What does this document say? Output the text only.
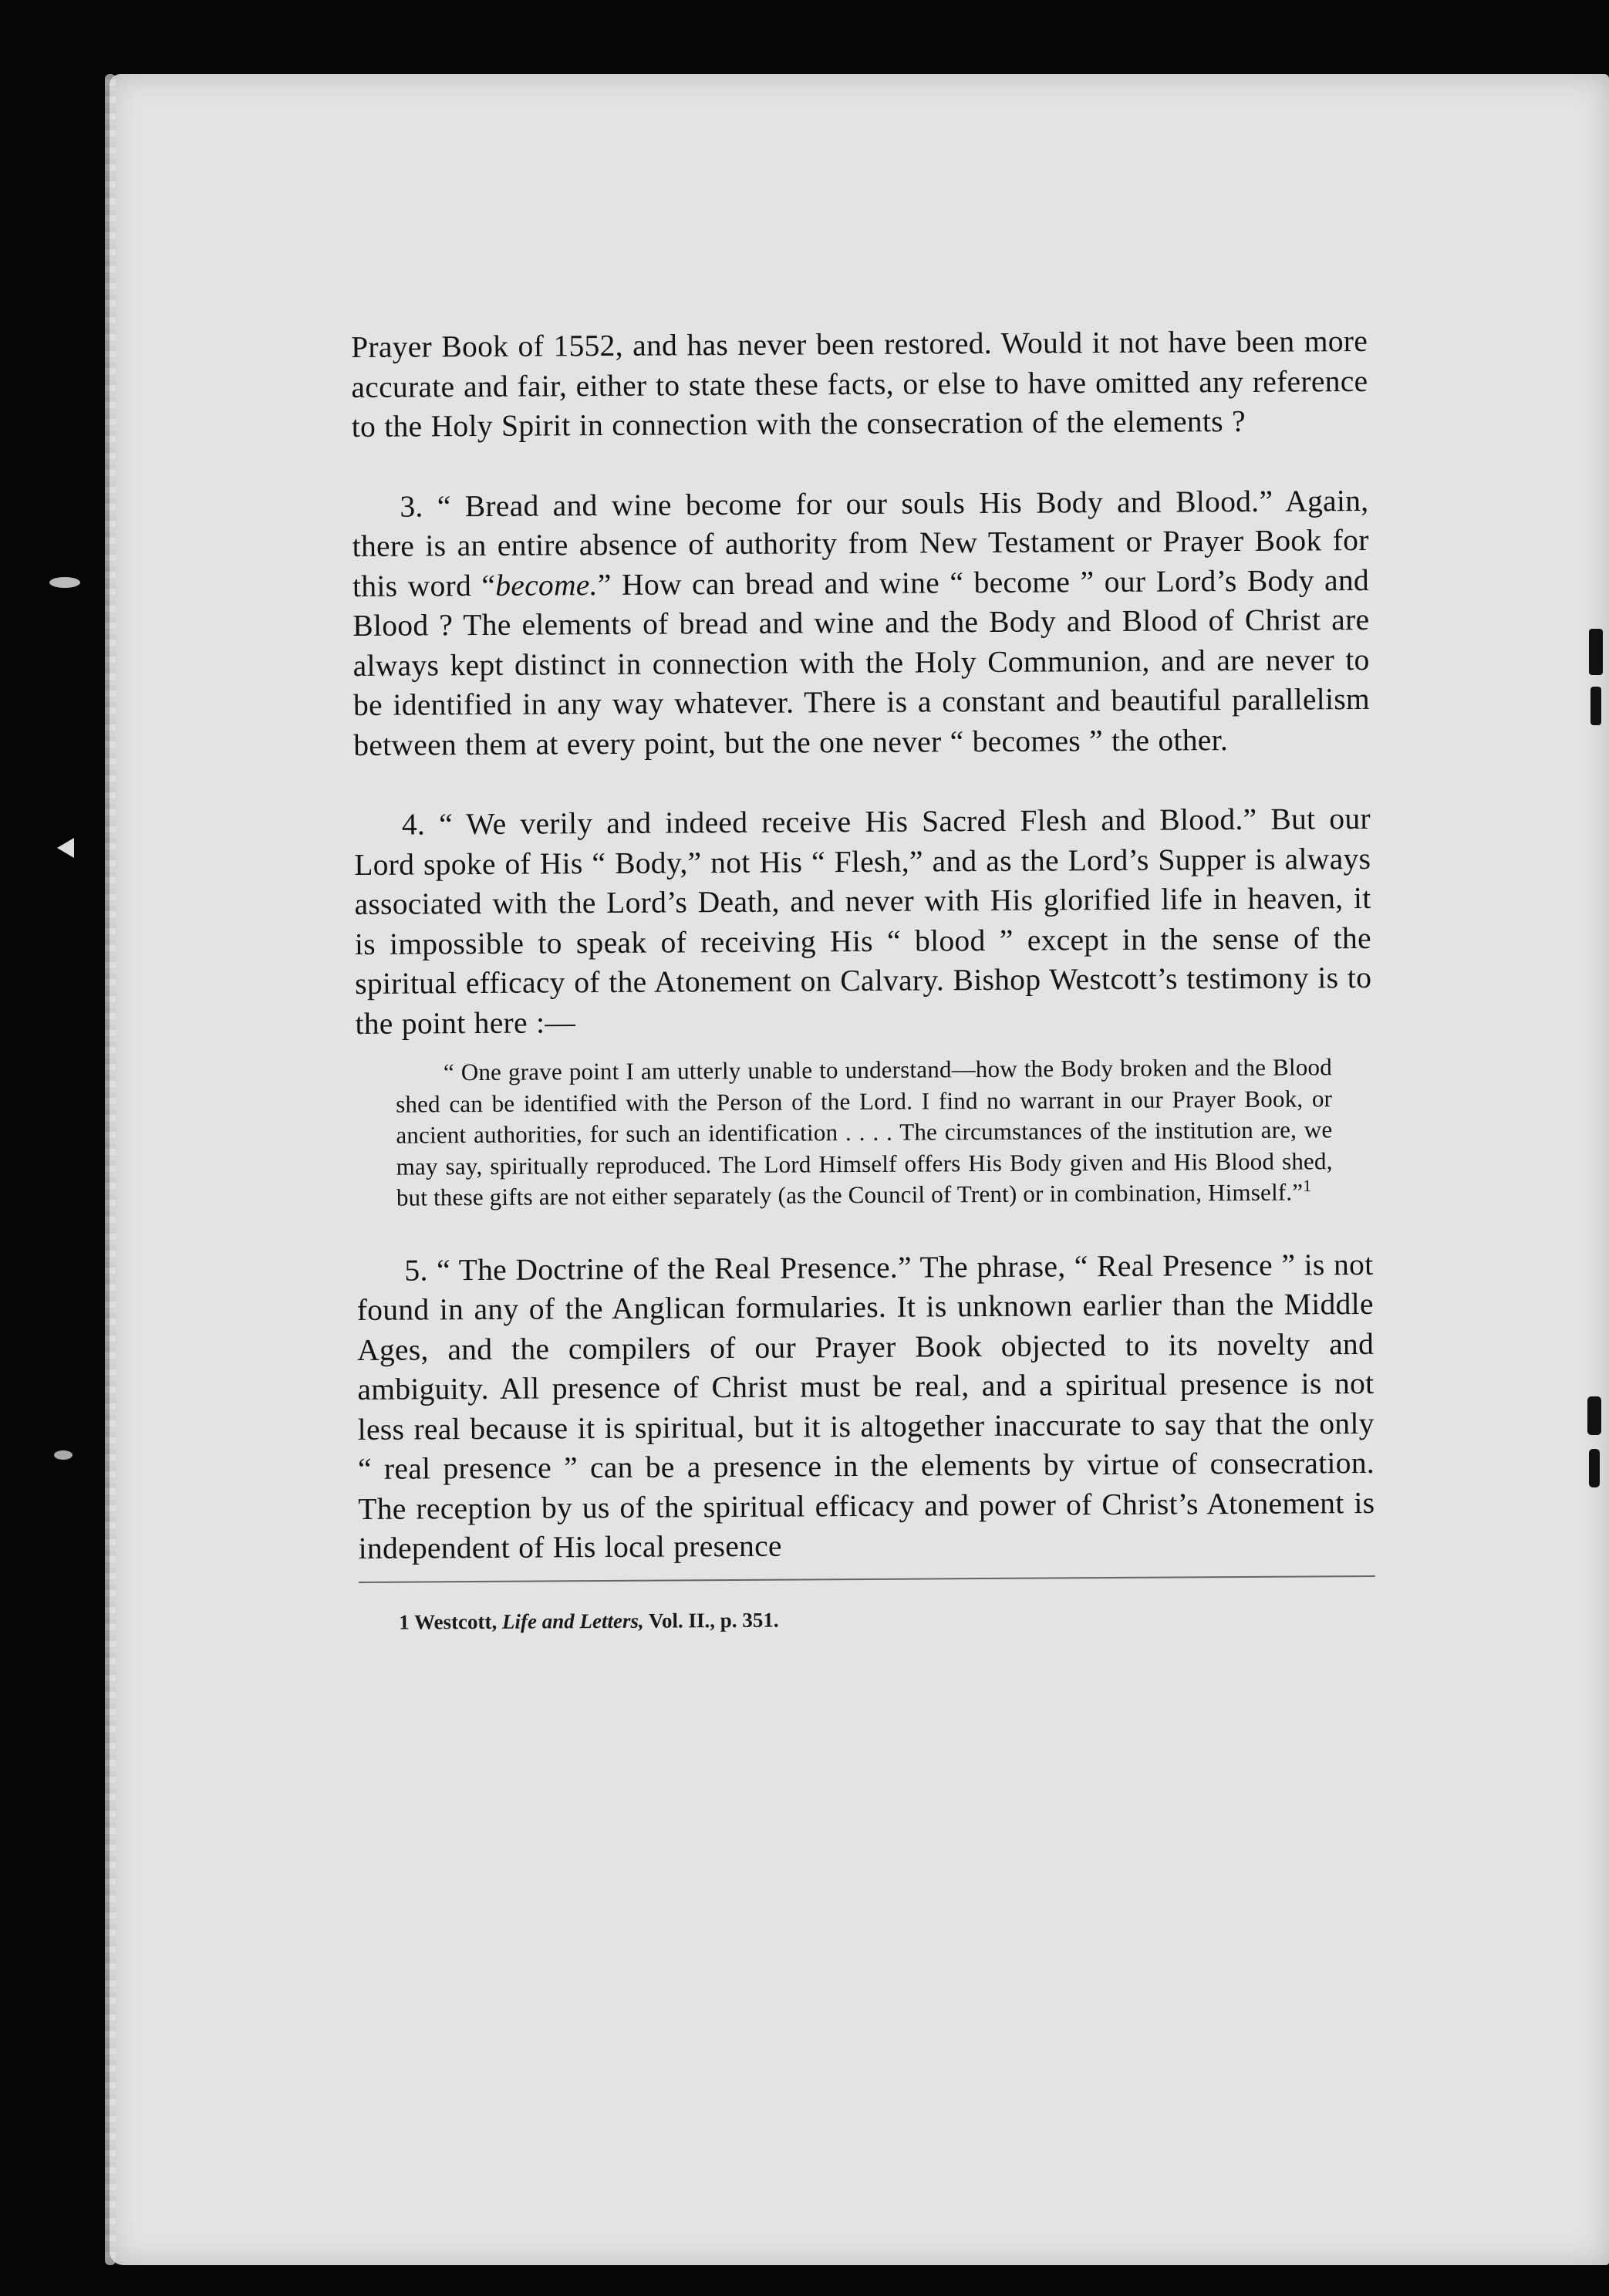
Prayer Book of 1552, and has never been restored. Would it not have been more accurate and fair, either to state these facts, or else to have omitted any reference to the Holy Spirit in connection with the consecration of the elements ?

3. “ Bread and wine become for our souls His Body and Blood.” Again, there is an entire absence of authority from New Testament or Prayer Book for this word “become.” How can bread and wine “ become ” our Lord’s Body and Blood ? The elements of bread and wine and the Body and Blood of Christ are always kept distinct in connection with the Holy Communion, and are never to be identified in any way whatever. There is a constant and beautiful parallelism between them at every point, but the one never “ becomes ” the other.

4. “ We verily and indeed receive His Sacred Flesh and Blood.” But our Lord spoke of His “ Body,” not His “ Flesh,” and as the Lord’s Supper is always associated with the Lord’s Death, and never with His glorified life in heaven, it is impossible to speak of receiving His “ blood ” except in the sense of the spiritual efficacy of the Atonement on Calvary. Bishop Westcott’s testimony is to the point here :—

“ One grave point I am utterly unable to understand—how the Body broken and the Blood shed can be identified with the Person of the Lord. I find no warrant in our Prayer Book, or ancient authorities, for such an identification . . . . The circumstances of the institution are, we may say, spiritually reproduced. The Lord Himself offers His Body given and His Blood shed, but these gifts are not either separately (as the Council of Trent) or in combination, Himself.”$^1$

5. “ The Doctrine of the Real Presence.” The phrase, “ Real Presence ” is not found in any of the Anglican formularies. It is unknown earlier than the Middle Ages, and the compilers of our Prayer Book objected to its novelty and ambiguity. All presence of Christ must be real, and a spiritual presence is not less real because it is spiritual, but it is altogether inaccurate to say that the only “ real presence ” can be a presence in the elements by virtue of consecration. The reception by us of the spiritual efficacy and power of Christ’s Atonement is independent of His local presence

1 Westcott, Life and Letters, Vol. II., p. 351.
